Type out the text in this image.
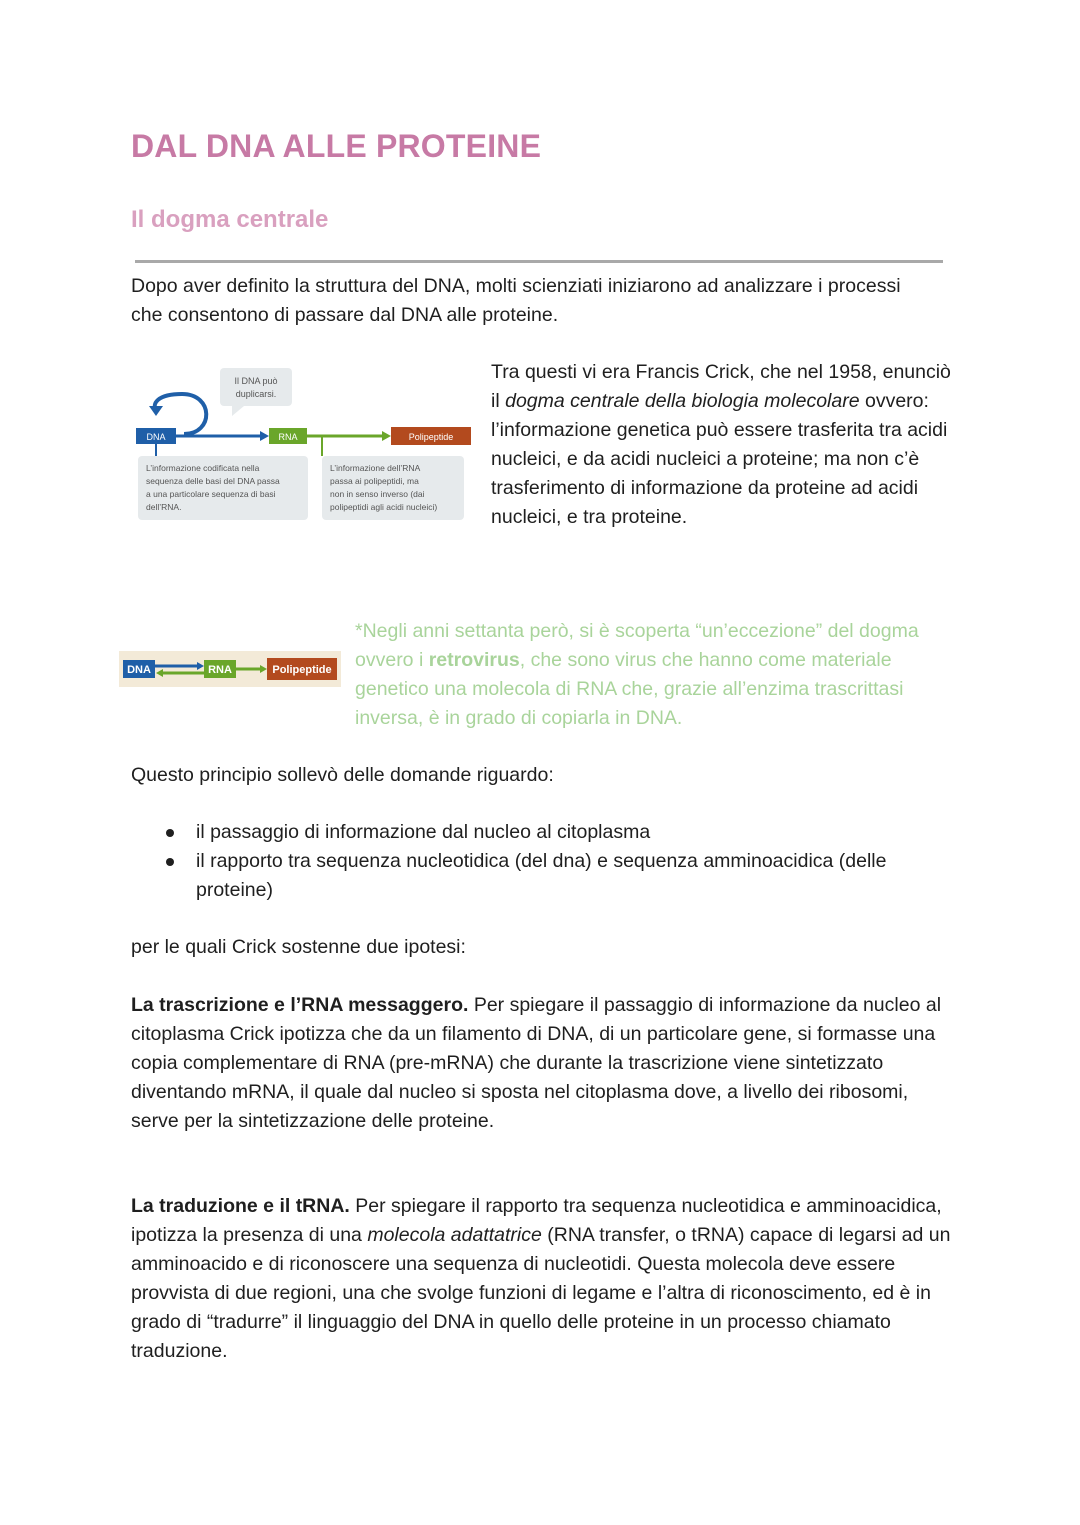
DAL DNA ALLE PROTEINE
Il dogma centrale

Dopo aver definito la struttura del DNA, molti scienziati iniziarono ad analizzare i processi che consentono di passare dal DNA alle proteine.

Il DNA può
duplicarsi.
DNA	RNA	Polipeptide
L’informazione codificata nella
sequenza delle basi del DNA passa
a una particolare sequenza di basi
dell’RNA.
L’informazione dell’RNA
passa ai polipeptidi, ma
non in senso inverso (dai
polipeptidi agli acidi nucleici)

Tra questi vi era Francis Crick, che nel 1958, enunciò il dogma centrale della biologia molecolare ovvero: l’informazione genetica può essere trasferita tra acidi nucleici, e da acidi nucleici a proteine; ma non c’è trasferimento di informazione da proteine ad acidi nucleici, e tra proteine.

DNA	RNA	Polipeptide

*Negli anni settanta però, si è scoperta “un’eccezione” del dogma ovvero i retrovirus, che sono virus che hanno come materiale genetico una molecola di RNA che, grazie all’enzima trascrittasi inversa, è in grado di copiarla in DNA.

Questo principio sollevò delle domande riguardo:

il passaggio di informazione dal nucleo al citoplasma
il rapporto tra sequenza nucleotidica (del dna) e sequenza amminoacidica (delle proteine)

per le quali Crick sostenne due ipotesi:

La trascrizione e l’RNA messaggero. Per spiegare il passaggio di informazione da nucleo al citoplasma Crick ipotizza che da un filamento di DNA, di un particolare gene, si formasse una copia complementare di RNA (pre-mRNA) che durante la trascrizione viene sintetizzato diventando mRNA, il quale dal nucleo si sposta nel citoplasma dove, a livello dei ribosomi, serve per la sintetizzazione delle proteine.

La traduzione e il tRNA. Per spiegare il rapporto tra sequenza nucleotidica e amminoacidica, ipotizza la presenza di una molecola adattatrice (RNA transfer, o tRNA) capace di legarsi ad un amminoacido e di riconoscere una sequenza di nucleotidi. Questa molecola deve essere provvista di due regioni, una che svolge funzioni di legame e l’altra di riconoscimento, ed è in grado di “tradurre” il linguaggio del DNA in quello delle proteine in un processo chiamato traduzione.
